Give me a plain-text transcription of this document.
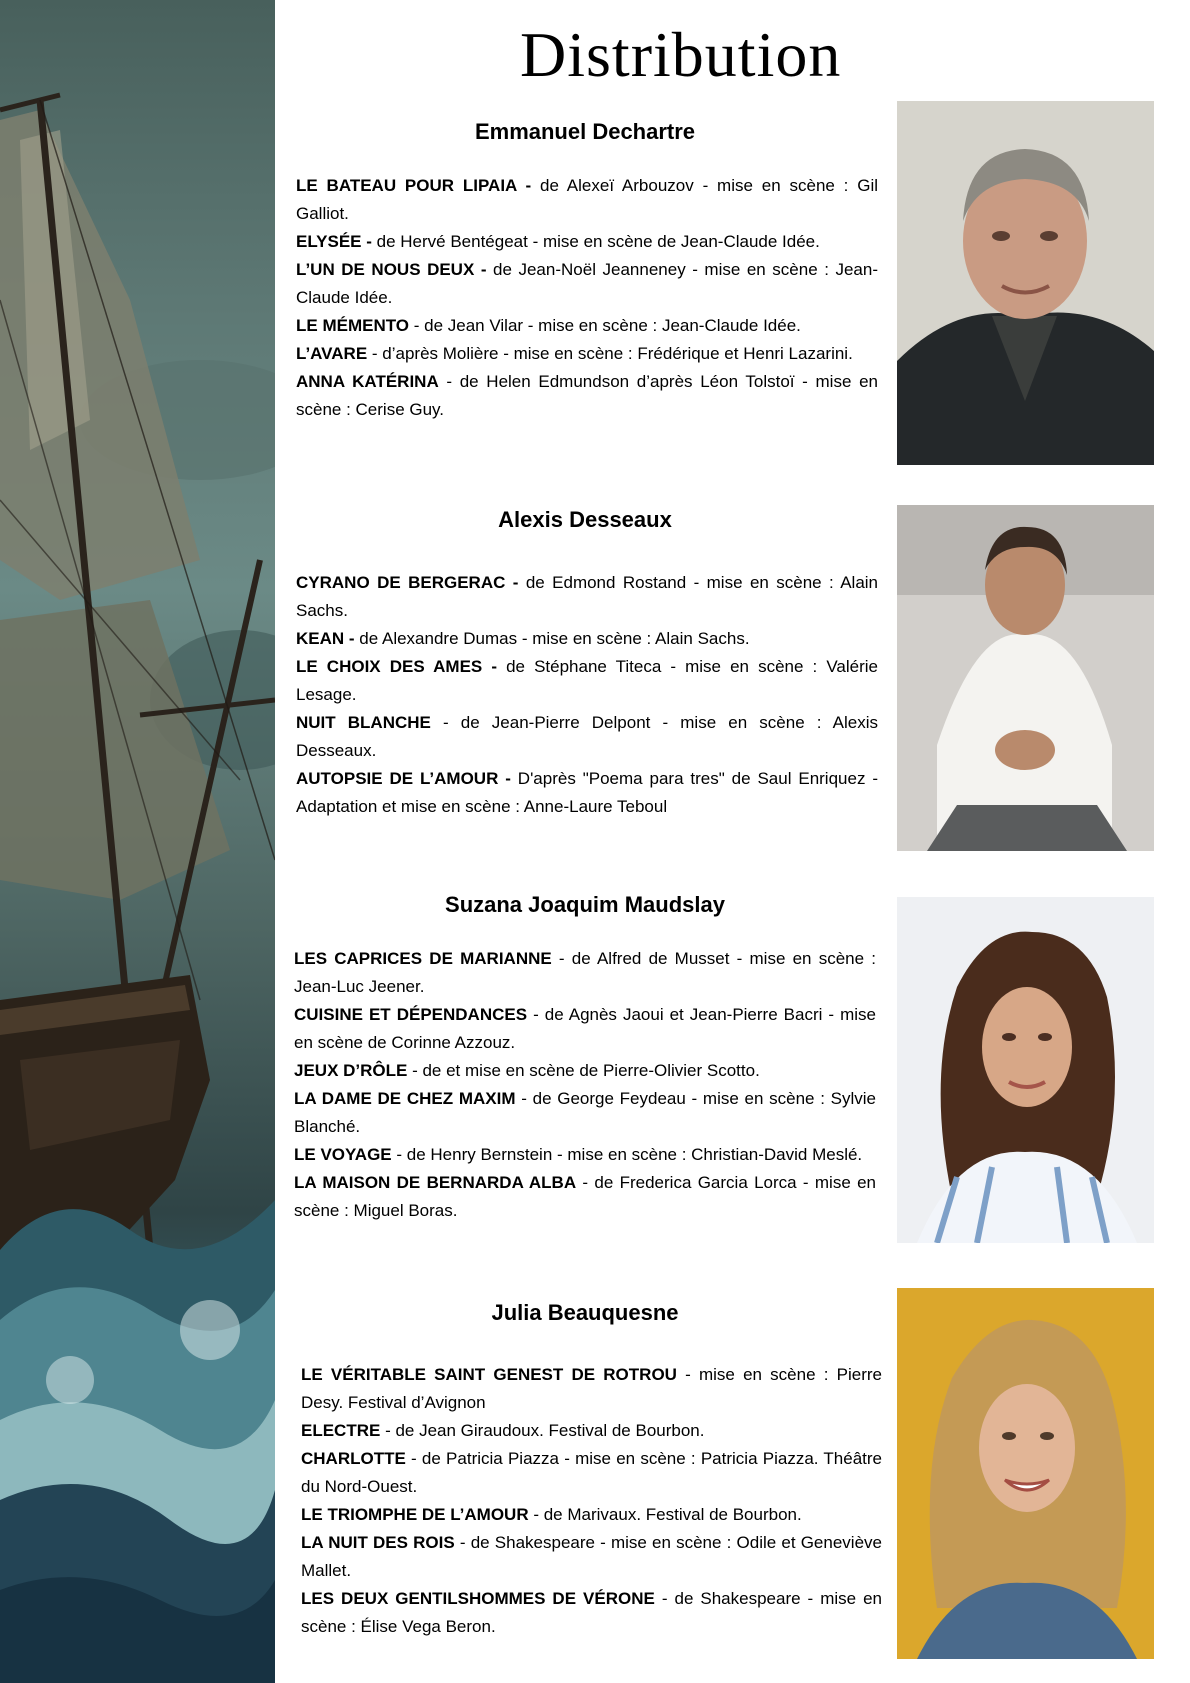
Distribution
Emmanuel Dechartre
LE BATEAU POUR LIPAIA - de Alexeï Arbouzov - mise en scène : Gil Galliot.
ELYSÉE - de Hervé Bentégeat - mise en scène de Jean-Claude Idée.
L’UN DE NOUS DEUX - de Jean-Noël Jeanneney - mise en scène : Jean-Claude Idée.
LE MÉMENTO - de Jean Vilar - mise en scène : Jean-Claude Idée.
L’AVARE - d’après Molière - mise en scène : Frédérique et Henri Lazarini.
ANNA KATÉRINA - de Helen Edmundson d’après Léon Tolstoï - mise en scène : Cerise Guy.
Alexis Desseaux
CYRANO DE BERGERAC - de Edmond Rostand - mise en scène : Alain Sachs.
KEAN - de Alexandre Dumas - mise en scène : Alain Sachs.
LE CHOIX DES AMES - de Stéphane Titeca - mise en scène : Valérie Lesage.
NUIT BLANCHE - de Jean-Pierre Delpont - mise en scène : Alexis Desseaux.
AUTOPSIE DE L’AMOUR - D'après "Poema para tres" de Saul Enriquez - Adaptation et mise en scène : Anne-Laure Teboul
Suzana Joaquim Maudslay
LES CAPRICES DE MARIANNE - de Alfred de Musset - mise en scène : Jean-Luc Jeener.
CUISINE ET DÉPENDANCES - de Agnès Jaoui et Jean-Pierre Bacri - mise en scène de Corinne Azzouz.
JEUX D’RÔLE - de et mise en scène de Pierre-Olivier Scotto.
LA DAME DE CHEZ MAXIM - de George Feydeau - mise en scène : Sylvie Blanché.
LE VOYAGE - de Henry Bernstein - mise en scène : Christian-David Meslé.
LA MAISON DE BERNARDA ALBA - de Frederica Garcia Lorca - mise en scène : Miguel Boras.
Julia Beauquesne
LE VÉRITABLE SAINT GENEST DE ROTROU - mise en scène : Pierre Desy. Festival d’Avignon
ELECTRE - de Jean Giraudoux. Festival de Bourbon.
CHARLOTTE - de Patricia Piazza - mise en scène : Patricia Piazza. Théâtre du Nord-Ouest.
LE TRIOMPHE DE L’AMOUR - de Marivaux. Festival de Bourbon.
LA NUIT DES ROIS - de Shakespeare - mise en scène : Odile et Geneviève Mallet.
LES DEUX GENTILSHOMMES DE VÉRONE - de Shakespeare - mise en scène : Élise Vega Beron.
